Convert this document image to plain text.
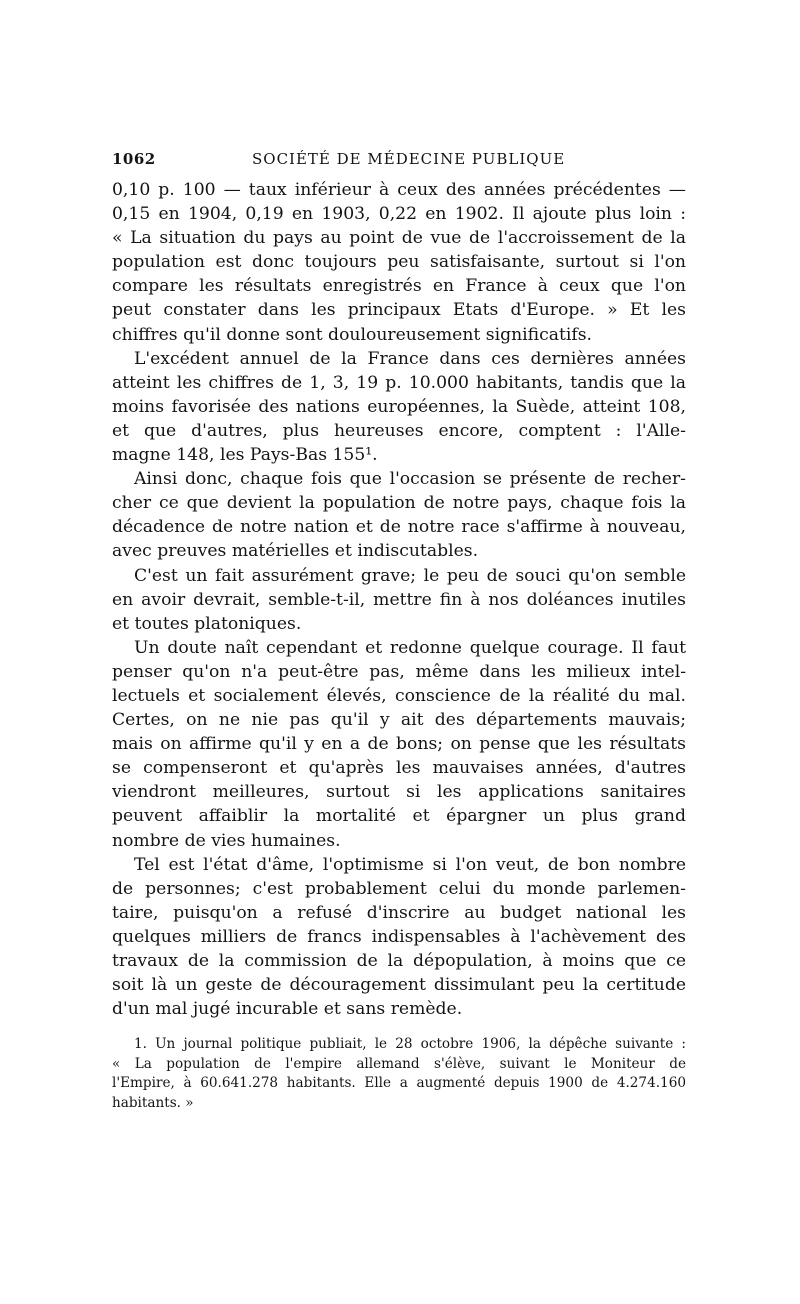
1062	SOCIÉTÉ DE MÉDECINE PUBLIQUE
0,10 p. 100 — taux inférieur à ceux des années précédentes —
0,15 en 1904, 0,19 en 1903, 0,22 en 1902. Il ajoute plus loin :
« La situation du pays au point de vue de l'accroissement de la
population est donc toujours peu satisfaisante, surtout si l'on
compare les résultats enregistrés en France à ceux que l'on
peut constater dans les principaux Etats d'Europe. » Et les
chiffres qu'il donne sont douloureusement significatifs.
L'excédent annuel de la France dans ces dernières années
atteint les chiffres de 1, 3, 19 p. 10.000 habitants, tandis que la
moins favorisée des nations européennes, la Suède, atteint 108,
et que d'autres, plus heureuses encore, comptent : l'Alle-
magne 148, les Pays-Bas 155¹.
Ainsi donc, chaque fois que l'occasion se présente de recher-
cher ce que devient la population de notre pays, chaque fois la
décadence de notre nation et de notre race s'affirme à nouveau,
avec preuves matérielles et indiscutables.
C'est un fait assurément grave; le peu de souci qu'on semble
en avoir devrait, semble-t-il, mettre fin à nos doléances inutiles
et toutes platoniques.
Un doute naît cependant et redonne quelque courage. Il faut
penser qu'on n'a peut-être pas, même dans les milieux intel-
lectuels et socialement élevés, conscience de la réalité du mal.
Certes, on ne nie pas qu'il y ait des départements mauvais;
mais on affirme qu'il y en a de bons; on pense que les résultats
se compenseront et qu'après les mauvaises années, d'autres
viendront meilleures, surtout si les applications sanitaires
peuvent affaiblir la mortalité et épargner un plus grand
nombre de vies humaines.
Tel est l'état d'âme, l'optimisme si l'on veut, de bon nombre
de personnes; c'est probablement celui du monde parlemen-
taire, puisqu'on a refusé d'inscrire au budget national les
quelques milliers de francs indispensables à l'achèvement des
travaux de la commission de la dépopulation, à moins que ce
soit là un geste de découragement dissimulant peu la certitude
d'un mal jugé incurable et sans remède.
1. Un journal politique publiait, le 28 octobre 1906, la dépêche suivante :
« La population de l'empire allemand s'élève, suivant le Moniteur de
l'Empire, à 60.641.278 habitants. Elle a augmenté depuis 1900 de 4.274.160
habitants. »
